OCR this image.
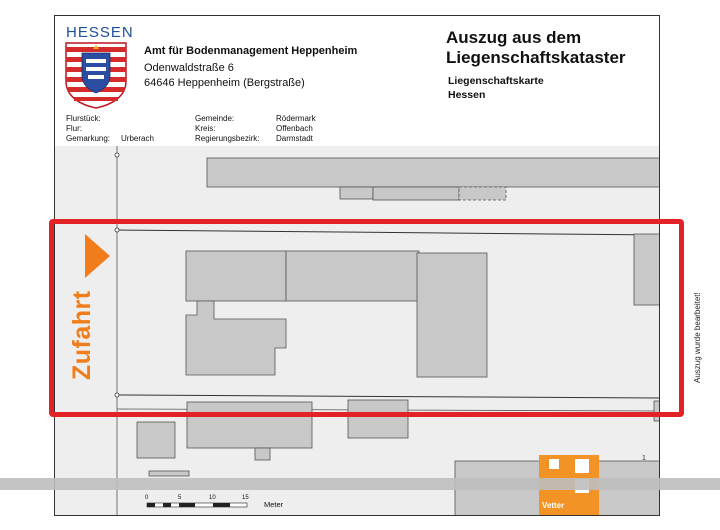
1
HESSEN
Amt für Bodenmanagement Heppenheim
Odenwaldstraße 6
64646 Heppenheim (Bergstraße)
Auszug aus dem
Liegenschaftskataster
Liegenschaftskarte
Hessen
Flurstück:
Flur:
Gemarkung: Urberach
Gemeinde:	Rödermark
Kreis:	Offenbach
Regierungsbezirk: Darmstadt
0	5	10	15
Meter	Vetter
Zufahrt	Auszug wurde bearbeitet!
